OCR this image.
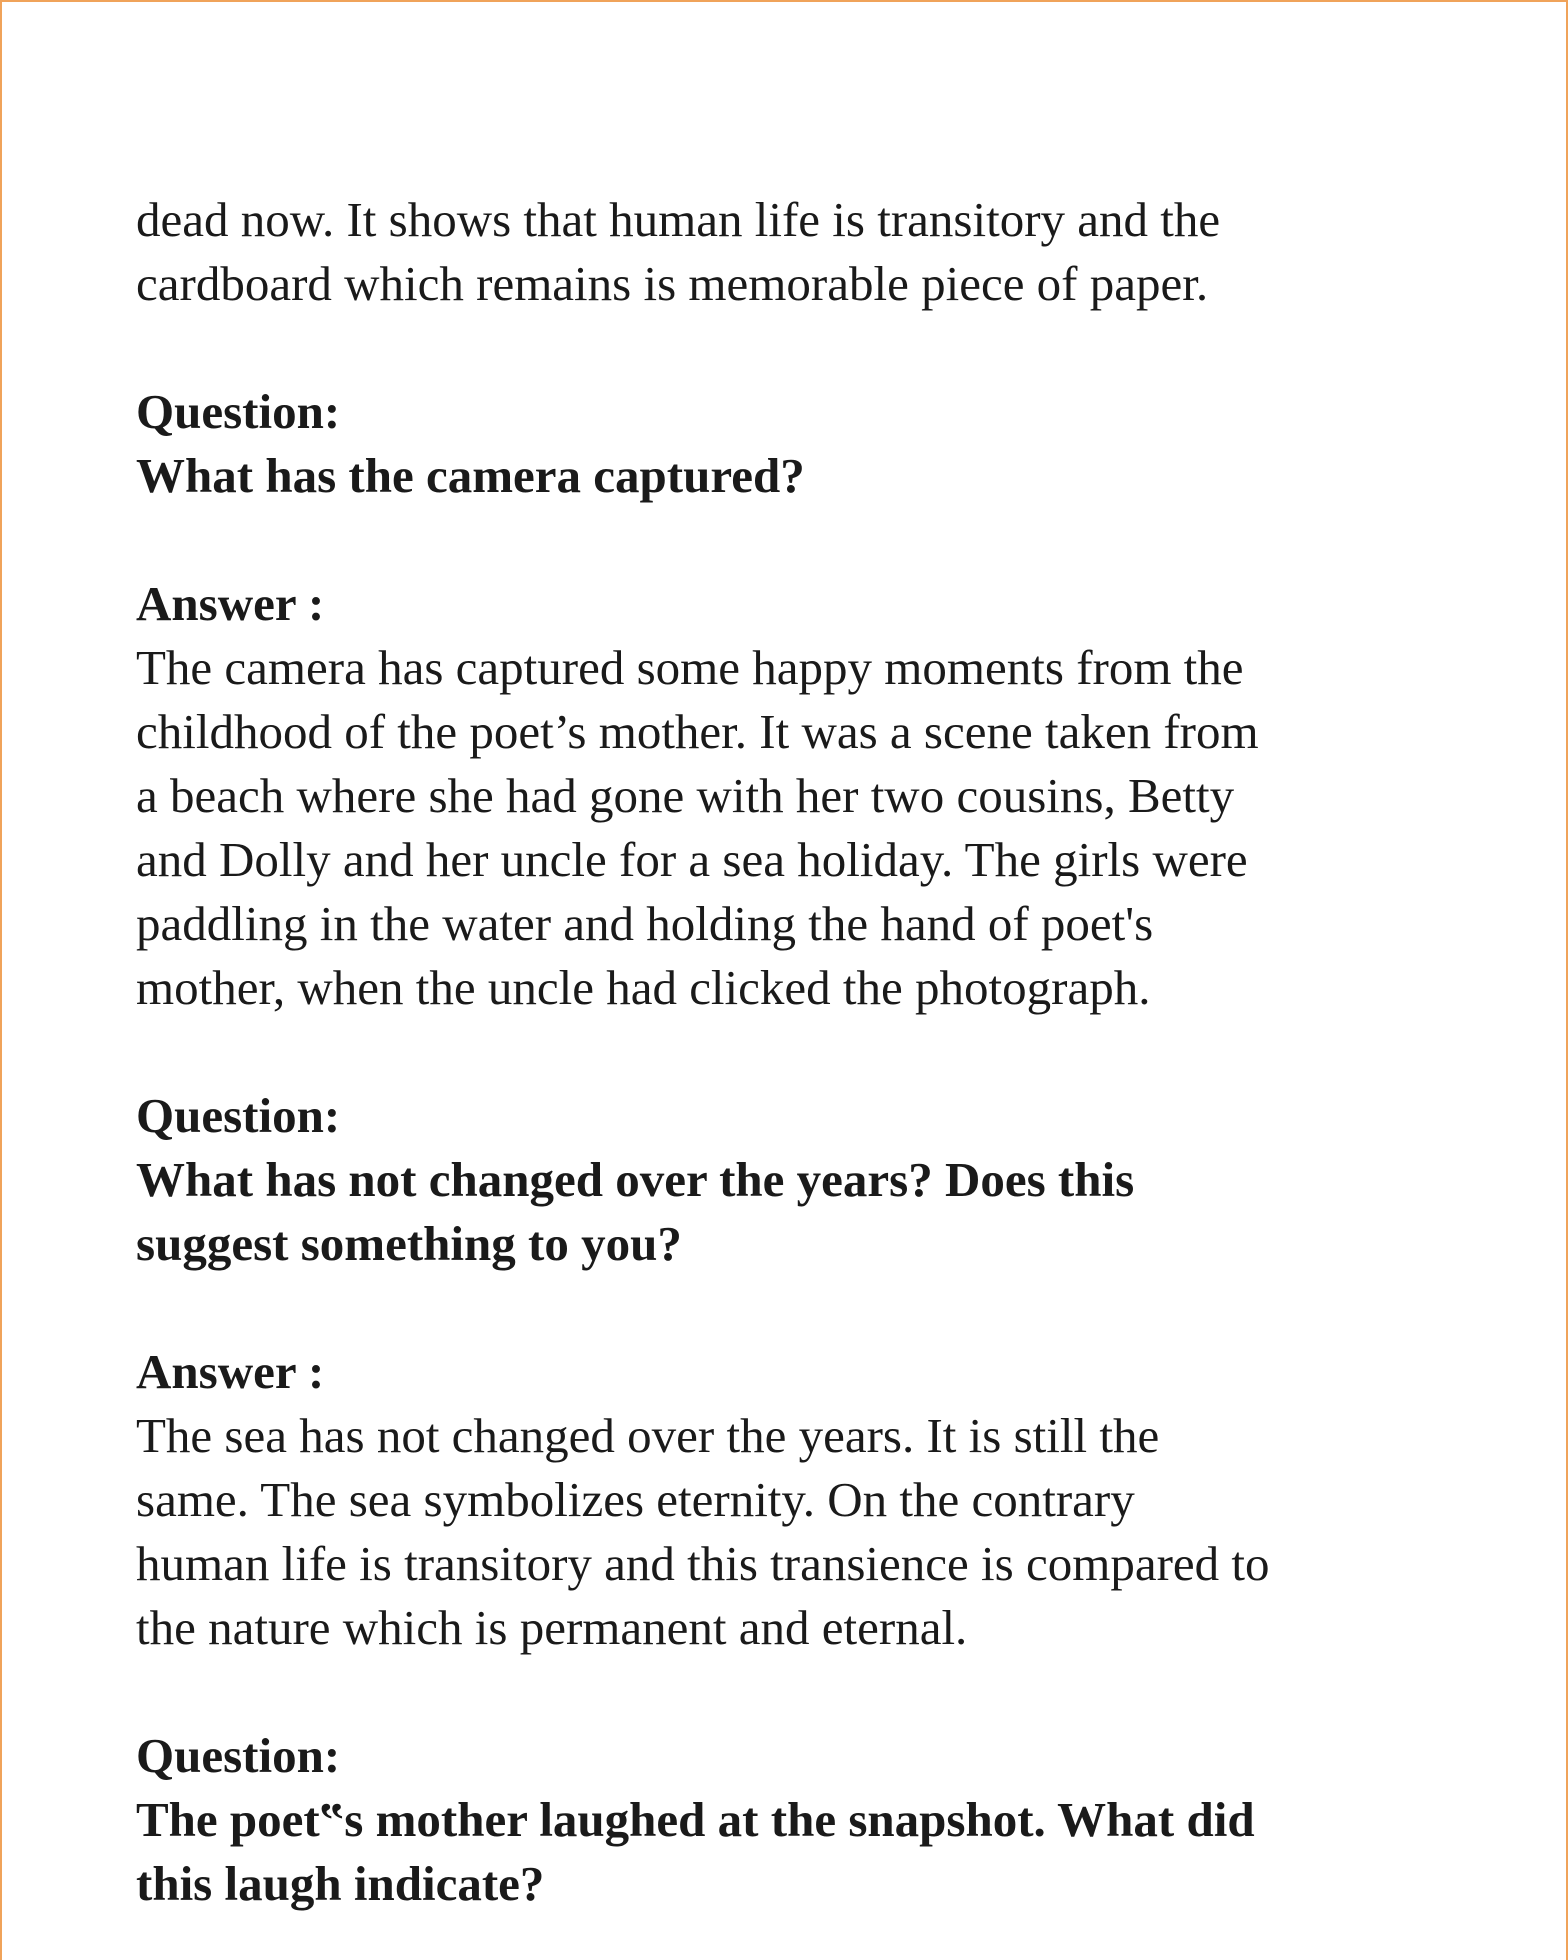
dead now. It shows that human life is transitory and the
cardboard which remains is memorable piece of paper.
Question:
What has the camera captured?
Answer :
The camera has captured some happy moments from the
childhood of the poet’s mother. It was a scene taken from
a beach where she had gone with her two cousins, Betty
and Dolly and her uncle for a sea holiday. The girls were
paddling in the water and holding the hand of poet's
mother, when the uncle had clicked the photograph.
Question:
What has not changed over the years? Does this
suggest something to you?
Answer :
The sea has not changed over the years. It is still the
same. The sea symbolizes eternity. On the contrary
human life is transitory and this transience is compared to
the nature which is permanent and eternal.
Question:
The poet‟s mother laughed at the snapshot. What did
this laugh indicate?
